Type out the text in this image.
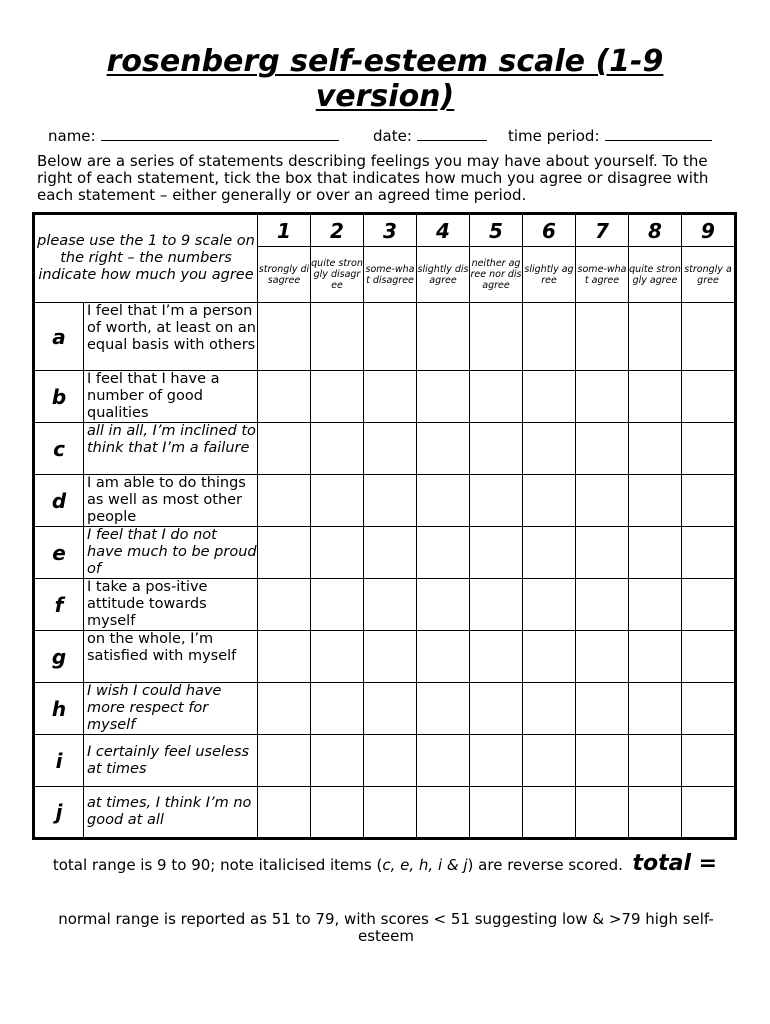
rosenberg self-esteem scale (1-9 version)
name:	date:	time period:
Below are a series of statements describing feelings you may have about yourself. To the right of each statement, tick the box that indicates how much you agree or disagree with each statement – either generally or over an agreed time period.
please use the 1 to 9 scale on the right – the numbers indicate how much you agree		1	2	3	4	5	6	7	8	9
		strongly disagree	quite strongly disagree	some-what disagree	slightly disagree	neither agree nor disagree	slightly agree	some-what agree	quite strongly agree	strongly agree
a	I feel that I’m a person of worth, at least on an equal basis with others									
b	I feel that I have a number of good qualities									
c	all in all, I’m inclined to think that I’m a failure									
d	I am able to do things as well as most other people									
e	I feel that I do not have much to be proud of									
f	I take a pos-itive attitude towards myself									
g	on the whole, I’m satisfied with myself									
h	I wish I could have more respect for myself									
i	I certainly feel useless at times									
j	at times, I think I’m no good at all									
total range is 9 to 90; note italicised items (c, e, h, i & j) are reverse scored. total =
normal range is reported as 51 to 79, with scores < 51 suggesting low & >79 high self-esteem
